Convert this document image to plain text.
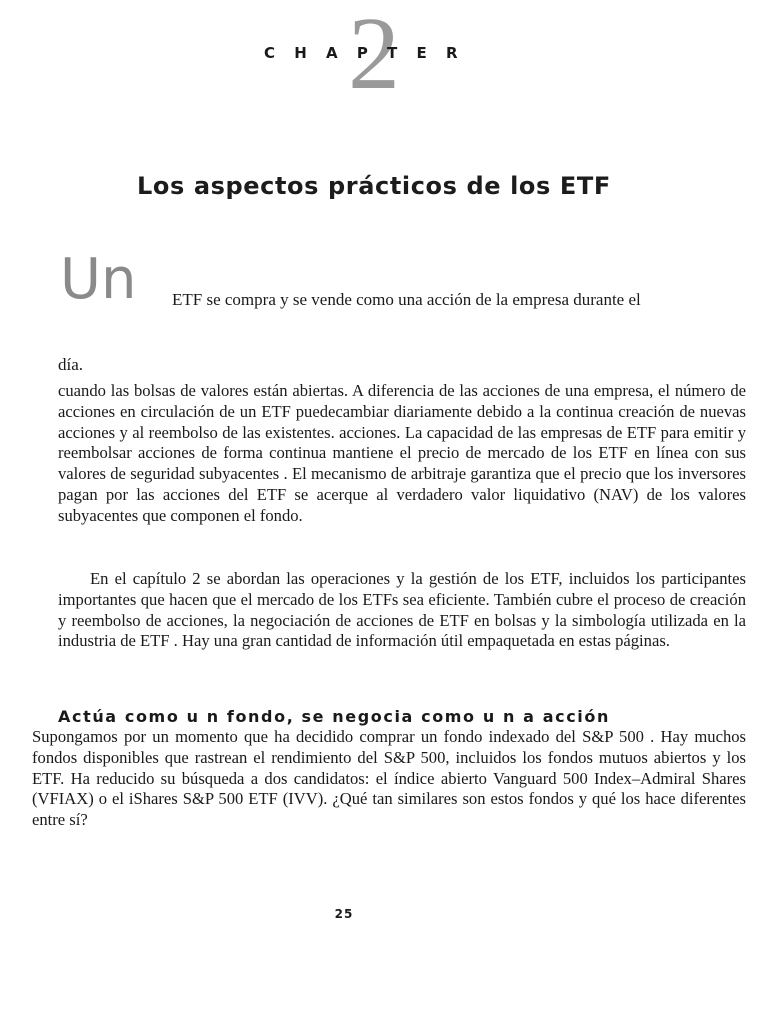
2
C H A P T E R
Los aspectos prácticos de los ETF
Un ETF se compra y se vende como una acción de la empresa durante el
día.

cuando las bolsas de valores están abiertas. A diferencia de las acciones de una empresa, el número de acciones en circulación de un ETF puedecambiar diariamente debido a la continua creación de nuevas acciones y al reembolso de las existentes. acciones. La capacidad de las empresas de ETF para emitir y reembolsar acciones de forma continua mantiene el precio de mercado de los ETF en línea con sus valores de seguridad subyacentes . El mecanismo de arbitraje garantiza que el precio que los inversores pagan por las acciones del ETF se acerque al verdadero valor liquidativo (NAV) de los valores subyacentes que componen el fondo.

En el capítulo 2 se abordan las operaciones y la gestión de los ETF, incluidos los participantes importantes que hacen que el mercado de los ETFs sea eficiente. También cubre el proceso de creación y reembolso de acciones, la negociación de acciones de ETF en bolsas y la simbología utilizada en la industria de ETF . Hay una gran cantidad de información útil empaquetada en estas páginas.

Actúa como u n fondo, se negocia como u n a acción

Supongamos por un momento que ha decidido comprar un fondo indexado del S&P 500 . Hay muchos fondos disponibles que rastrean el rendimiento del S&P 500, incluidos los fondos mutuos abiertos y los ETF. Ha reducido su búsqueda a dos candidatos: el índice abierto Vanguard 500 Index–Admiral Shares (VFIAX) o el iShares S&P 500 ETF (IVV). ¿Qué tan similares son estos fondos y qué los hace diferentes entre sí?

25
